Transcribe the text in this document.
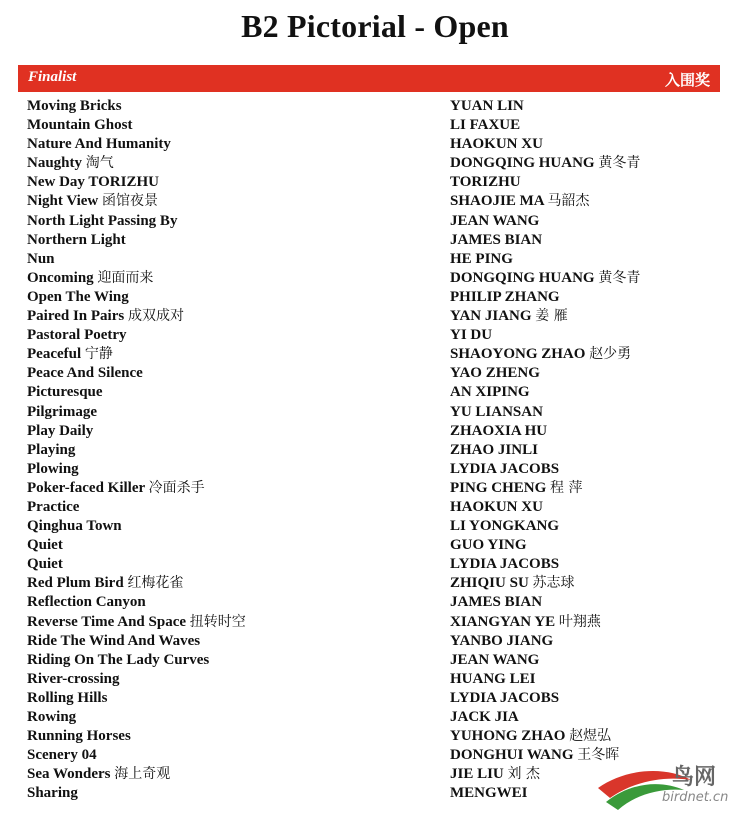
B2 Pictorial - Open
Finalist	入围奖
Moving Bricks	YUAN LIN
Mountain Ghost	LI FAXUE
Nature And Humanity	HAOKUN XU
Naughty 淘气	DONGQING HUANG 黄冬青
New Day TORIZHU	TORIZHU
Night View 函馆夜景	SHAOJIE MA 马韶杰
North Light Passing By	JEAN WANG
Northern Light	JAMES BIAN
Nun	HE PING
Oncoming 迎面而来	DONGQING HUANG 黄冬青
Open The Wing	PHILIP ZHANG
Paired In Pairs 成双成对	YAN JIANG 姜 雁
Pastoral Poetry	YI DU
Peaceful 宁静	SHAOYONG ZHAO 赵少勇
Peace And Silence	YAO ZHENG
Picturesque	AN XIPING
Pilgrimage	YU LIANSAN
Play Daily	ZHAOXIA HU
Playing	ZHAO JINLI
Plowing	LYDIA JACOBS
Poker-faced Killer 冷面杀手	PING CHENG 程 萍
Practice	HAOKUN XU
Qinghua Town	LI YONGKANG
Quiet	GUO YING
Quiet	LYDIA JACOBS
Red Plum Bird 红梅花雀	ZHIQIU SU 苏志球
Reflection Canyon	JAMES BIAN
Reverse Time And Space 扭转时空	XIANGYAN YE 叶翔燕
Ride The Wind And Waves	YANBO JIANG
Riding On The Lady Curves	JEAN WANG
River-crossing	HUANG LEI
Rolling Hills	LYDIA JACOBS
Rowing	JACK JIA
Running Horses	YUHONG ZHAO 赵煜弘
Scenery 04	DONGHUI WANG 王冬晖
Sea Wonders 海上奇观	JIE LIU 刘 杰
Sharing	MENGWEI
鸟网
birdnet.cn
